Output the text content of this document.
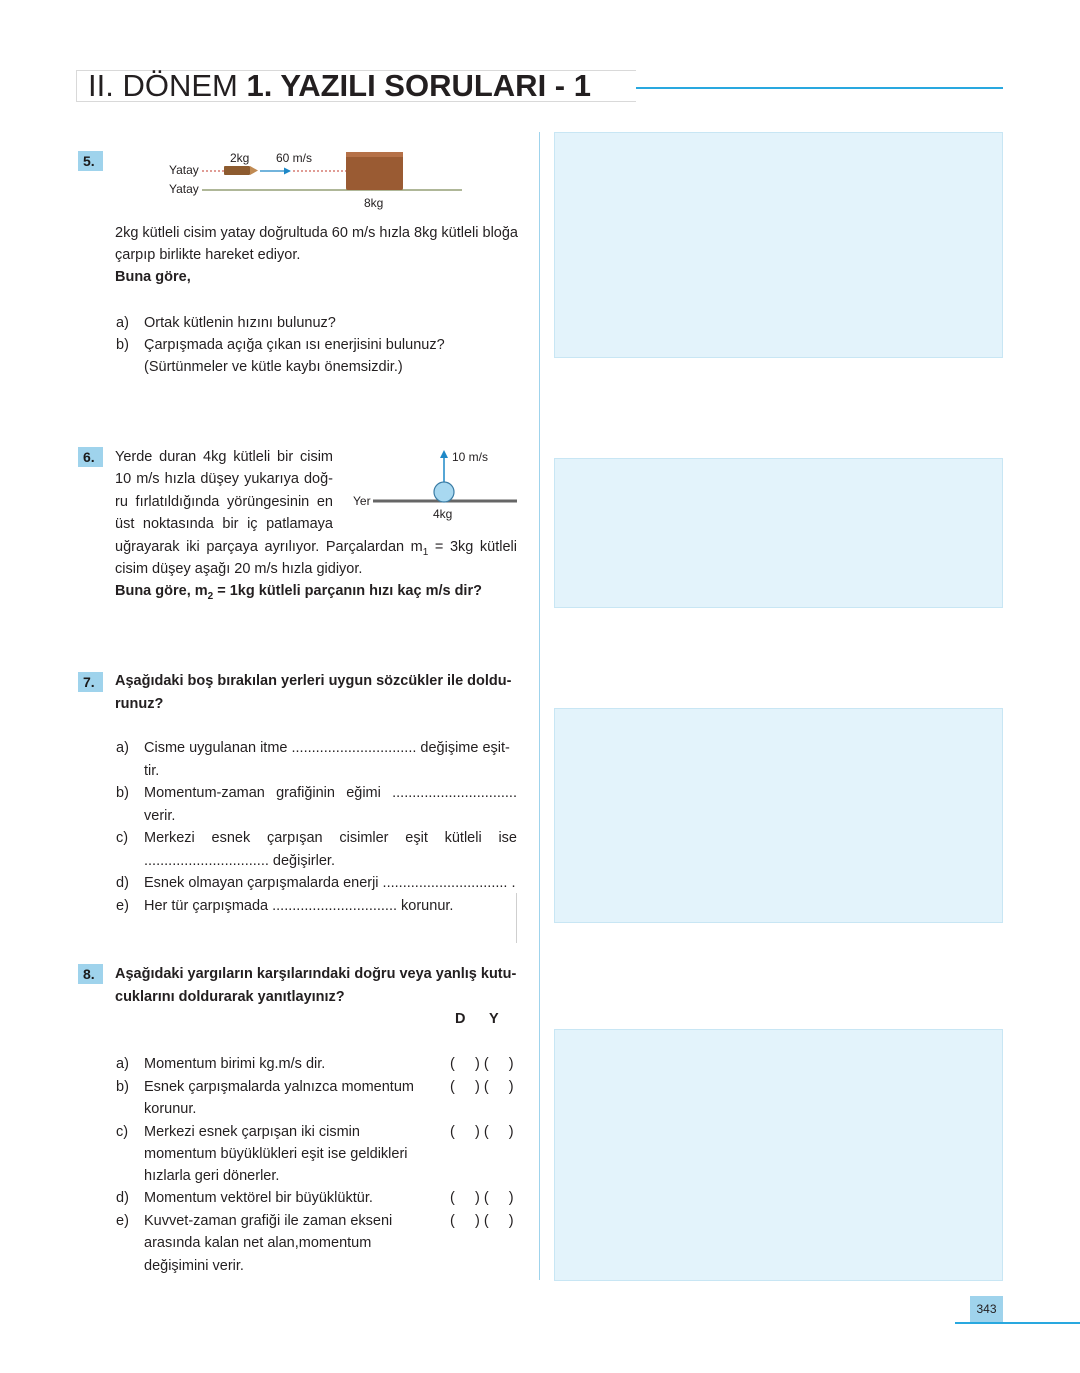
II. DÖNEM 1. YAZILI SORULARI - 1
5.
Yatay
Yatay
2kg 60 m/s
8kg
2kg kütleli cisim yatay doğrultuda 60 m/s hızla 8kg kütleli bloğa
çarpıp birlikte hareket ediyor.
Buna göre,
a) Ortak kütlenin hızını bulunuz?
b) Çarpışmada açığa çıkan ısı enerjisini bulunuz?
(Sürtünmeler ve kütle kaybı önemsizdir.)
6.	Yerde duran 4kg kütleli bir cisim
10 m/s hızla düşey yukarıya doğ-
ru fırlatıldığında yörüngesinin en
üst noktasında bir iç patlamaya
uğrayarak iki parçaya ayrılıyor. Parçalardan $m_1 = 3kg$ kütleli
cisim düşey aşağı 20 m/s hızla gidiyor.
Buna göre, $m_2 = 1kg$ kütleli parçanın hızı kaç m/s dir?
10 m/s
Yer
4kg
7.	Aşağıdaki boş bırakılan yerleri uygun sözcükler ile doldu-
runuz?
a) Cisme uygulanan itme ............................... değişime eşit-
tir.
b) Momentum-zaman grafiğinin eğimi ...............................
verir.
c) Merkezi esnek çarpışan cisimler eşit kütleli ise
............................... değişirler.
d) Esnek olmayan çarpışmalarda enerji ............................... .
e) Her tür çarpışmada ............................... korunur.
8.	Aşağıdaki yargıların karşılarındaki doğru veya yanlış kutu-
cuklarını doldurarak yanıtlayınız?
D Y
a) Momentum birimi kg.m/s dir.	(     ) (     )
b) Esnek çarpışmalarda yalnızca momentum
korunur.
(     ) (     )
c) Merkezi esnek çarpışan iki cismin
momentum büyüklükleri eşit ise geldikleri
hızlarla geri dönerler.
(     ) (     )
d) Momentum vektörel bir büyüklüktür.	(     ) (     )
e) Kuvvet-zaman grafiği ile zaman ekseni
arasında kalan net alan,momentum
değişimini verir.
(     ) (     )
343
